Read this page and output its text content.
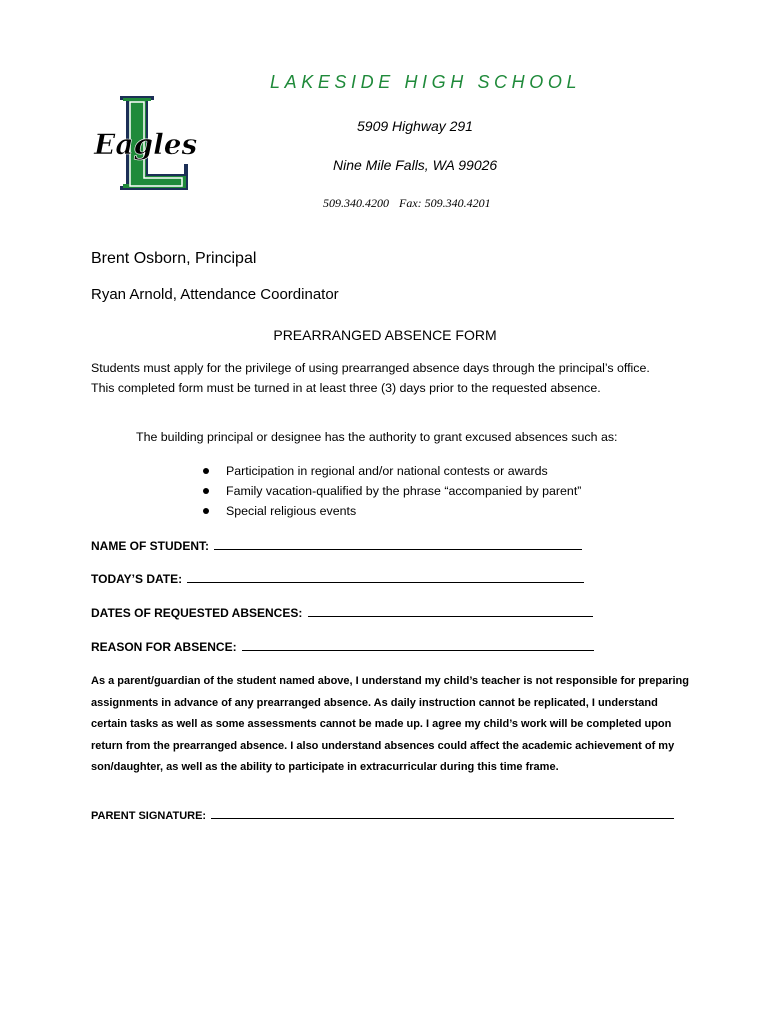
Eagles
LAKESIDE HIGH SCHOOL
5909 Highway 291
Nine Mile Falls, WA 99026
509.340.4200 Fax: 509.340.4201
Brent Osborn, Principal
Ryan Arnold, Attendance Coordinator
PREARRANGED ABSENCE FORM
Students must apply for the privilege of using prearranged absence days through the principal’s office. This completed form must be turned in at least three (3) days prior to the requested absence.
The building principal or designee has the authority to grant excused absences such as:
Participation in regional and/or national contests or awards
Family vacation-qualified by the phrase “accompanied by parent”
Special religious events
NAME OF STUDENT:
TODAY’S DATE:
DATES OF REQUESTED ABSENCES:
REASON FOR ABSENCE:
As a parent/guardian of the student named above, I understand my child’s teacher is not responsible for preparing assignments in advance of any prearranged absence. As daily instruction cannot be replicated, I understand certain tasks as well as some assessments cannot be made up. I agree my child’s work will be completed upon return from the prearranged absence. I also understand absences could affect the academic achievement of my son/daughter, as well as the ability to participate in extracurricular during this time frame.
PARENT SIGNATURE:
